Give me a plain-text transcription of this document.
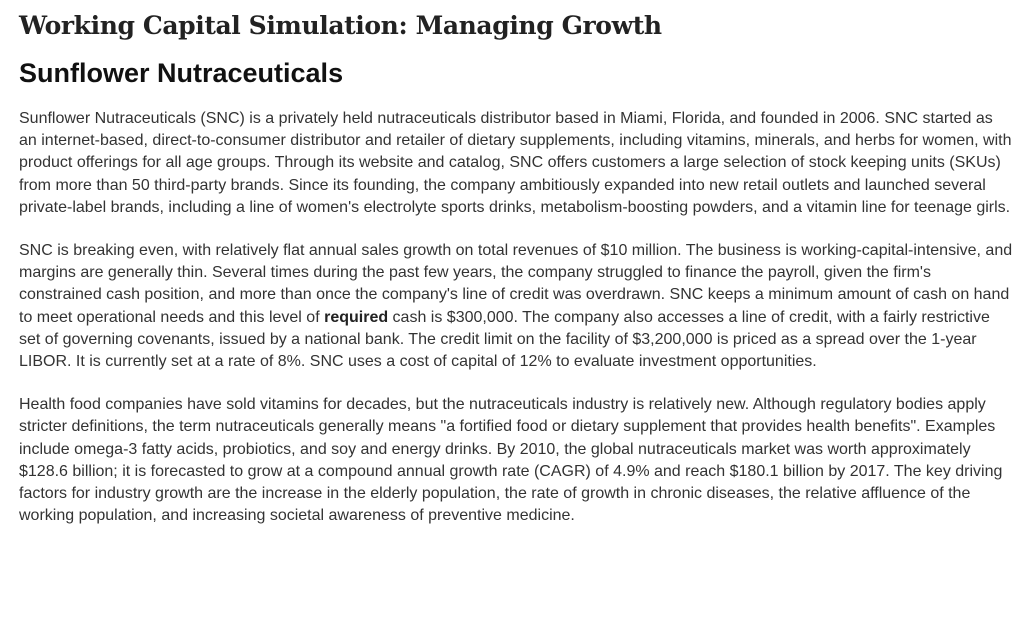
Working Capital Simulation: Managing Growth
Sunflower Nutraceuticals

Sunflower Nutraceuticals (SNC) is a privately held nutraceuticals distributor based in Miami, Florida, and founded in 2006. SNC started as an internet-based, direct-to-consumer distributor and retailer of dietary supplements, including vitamins, minerals, and herbs for women, with product offerings for all age groups. Through its website and catalog, SNC offers customers a large selection of stock keeping units (SKUs) from more than 50 third-party brands. Since its founding, the company ambitiously expanded into new retail outlets and launched several private-label brands, including a line of women's electrolyte sports drinks, metabolism-boosting powders, and a vitamin line for teenage girls.

SNC is breaking even, with relatively flat annual sales growth on total revenues of $10 million. The business is working-capital-intensive, and margins are generally thin. Several times during the past few years, the company struggled to finance the payroll, given the firm's constrained cash position, and more than once the company's line of credit was overdrawn. SNC keeps a minimum amount of cash on hand to meet operational needs and this level of required cash is $300,000. The company also accesses a line of credit, with a fairly restrictive set of governing covenants, issued by a national bank. The credit limit on the facility of $3,200,000 is priced as a spread over the 1-year LIBOR. It is currently set at a rate of 8%. SNC uses a cost of capital of 12% to evaluate investment opportunities.

Health food companies have sold vitamins for decades, but the nutraceuticals industry is relatively new. Although regulatory bodies apply stricter definitions, the term nutraceuticals generally means "a fortified food or dietary supplement that provides health benefits". Examples include omega-3 fatty acids, probiotics, and soy and energy drinks. By 2010, the global nutraceuticals market was worth approximately $128.6 billion; it is forecasted to grow at a compound annual growth rate (CAGR) of 4.9% and reach $180.1 billion by 2017. The key driving factors for industry growth are the increase in the elderly population, the rate of growth in chronic diseases, the relative affluence of the working population, and increasing societal awareness of preventive medicine.
